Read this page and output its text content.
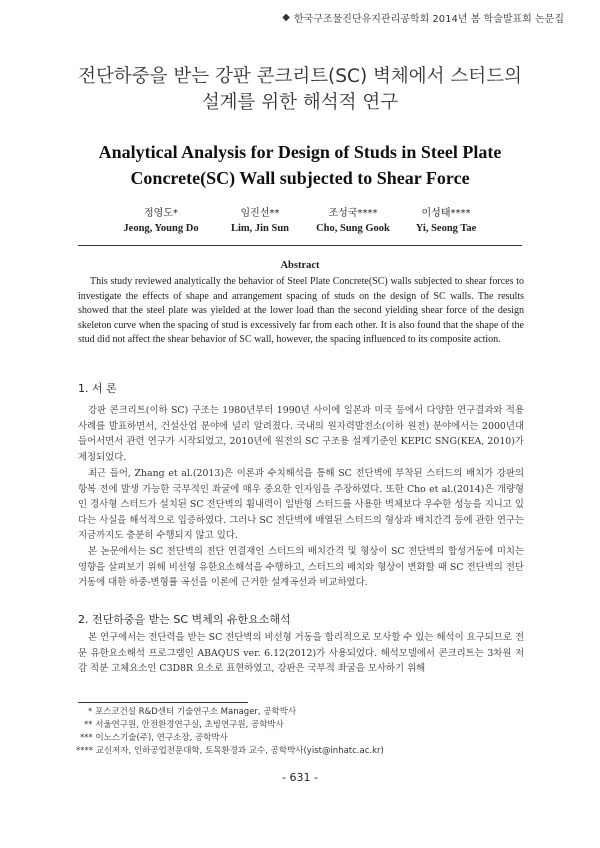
◆ 한국구조물진단유지관리공학회 2014년 봄 학술발표회 논문집
전단하중을 받는 강판 콘크리트(SC) 벽체에서 스터드의
설계를 위한 해석적 연구
Analytical Analysis for Design of Studs in Steel Plate
Concrete(SC) Wall subjected to Shear Force
정영도*
Jeong, Young Do
임진선**
Lim, Jin Sun
조성국****
Cho, Sung Gook
이성태****
Yi, Seong Tae
Abstract
This study reviewed analytically the behavior of Steel Plate Concrete(SC) walls subjected to shear forces to investigate the effects of shape and arrangement spacing of studs on the design of SC walls. The results showed that the steel plate was yielded at the lower load than the second yielding shear force of the design skeleton curve when the spacing of stud is excessively far from each other. It is also found that the shape of the stud did not affect the shear behavior of SC wall, however, the spacing influenced to its composite action.
1. 서 론
강판 콘크리트(이하 SC) 구조는 1980년부터 1990년 사이에 일본과 미국 등에서 다양한 연구결과와 적용 사례를 발표하면서, 건설산업 분야에 널리 알려졌다. 국내의 원자력발전소(이하 원전) 분야에서는 2000년대 들어서면서 관련 연구가 시작되었고, 2010년에 원전의 SC 구조용 설계기준인 KEPIC SNG(KEA, 2010)가 제정되었다.
최근 들어, Zhang et al.(2013)은 이론과 수치해석을 통해 SC 전단벽에 부착된 스터드의 배치가 강판의 항복 전에 발생 가능한 국부적인 좌굴에 매우 중요한 인자임을 주장하였다. 또한 Cho et al.(2014)은 개량형인 경사형 스터드가 설치된 SC 전단벽의 휨내력이 일반형 스터드를 사용한 벽체보다 우수한 성능을 지니고 있다는 사실을 해석적으로 입증하였다. 그러나 SC 전단벽에 배열된 스터드의 형상과 배치간격 등에 관한 연구는 지금까지도 충분히 수행되지 않고 있다.
본 논문에서는 SC 전단벽의 전단 연결재인 스터드의 배치간격 및 형상이 SC 전단벽의 합성거동에 미치는 영향을 살펴보기 위해 비선형 유한요소해석을 수행하고, 스터드의 배치와 형상이 변화할 때 SC 전단벽의 전단거동에 대한 하중-변형률 곡선을 이론에 근거한 설계곡선과 비교하였다.
2. 전단하중을 받는 SC 벽체의 유한요소해석
본 연구에서는 전단력을 받는 SC 전단벽의 비선형 거동을 합리적으로 모사할 수 있는 해석이 요구되므로 전문 유한요소해석 프로그램인 ABAQUS ver. 6.12(2012)가 사용되었다. 해석모델에서 콘크리트는 3차원 저감 적분 고체요소인 C3D8R 요소로 표현하였고, 강판은 국부적 좌굴을 모사하기 위해
* 포스코건설 R&D센터 기술연구소 Manager, 공학박사
** 서울연구원, 안전환경연구실, 초빙연구원, 공학박사
*** 이노스기술(주), 연구소장, 공학박사
**** 교신저자, 인하공업전문대학, 토목환경과 교수, 공학박사(yist@inhatc.ac.kr)
- 631 -
